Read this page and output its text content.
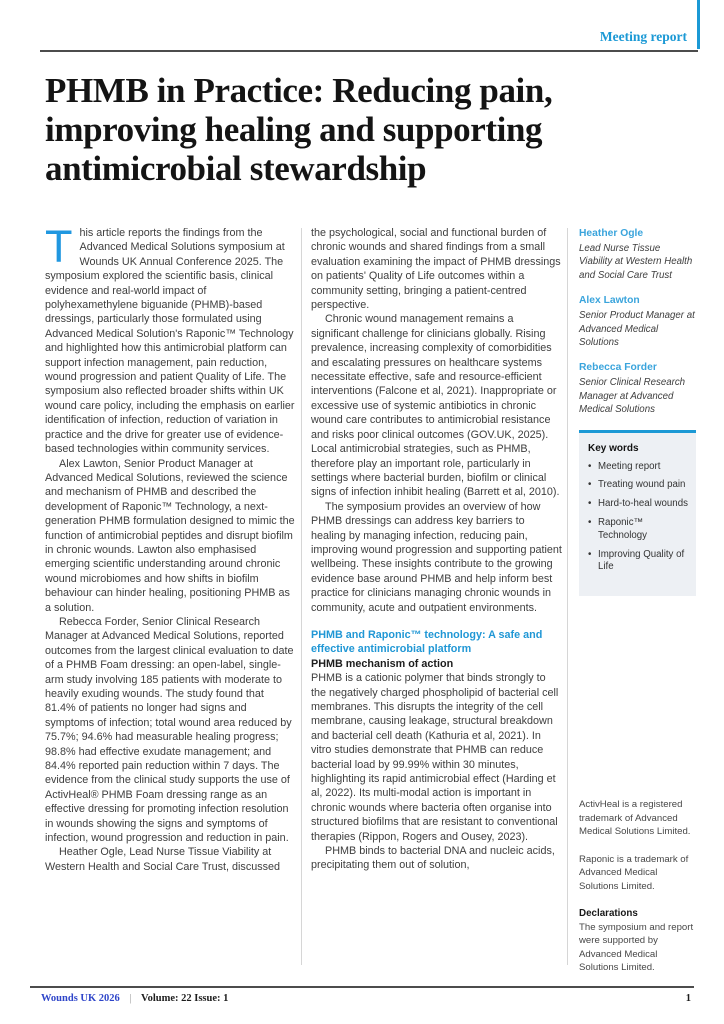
Meeting report
PHMB in Practice: Reducing pain,
improving healing and supporting
antimicrobial stewardship

T his article reports the findings from the Advanced Medical Solutions symposium at Wounds UK Annual Conference 2025. The symposium explored the scientific basis, clinical evidence and real-world impact of polyhexamethylene biguanide (PHMB)-based dressings, particularly those formulated using Advanced Medical Solution's Raponic™ Technology and highlighted how this antimicrobial platform can support infection management, pain reduction, wound progression and patient Quality of Life. The symposium also reflected broader shifts within UK wound care policy, including the emphasis on earlier identification of infection, reduction of variation in practice and the drive for greater use of evidence-based technologies within community services.

Alex Lawton, Senior Product Manager at Advanced Medical Solutions, reviewed the science and mechanism of PHMB and described the development of Raponic™ Technology, a next-generation PHMB formulation designed to mimic the function of antimicrobial peptides and disrupt biofilm in chronic wounds. Lawton also emphasised emerging scientific understanding around chronic wound microbiomes and how shifts in biofilm behaviour can hinder healing, positioning PHMB as a solution.

Rebecca Forder, Senior Clinical Research Manager at Advanced Medical Solutions, reported outcomes from the largest clinical evaluation to date of a PHMB Foam dressing: an open-label, single-arm study involving 185 patients with moderate to heavily exuding wounds. The study found that 81.4% of patients no longer had signs and symptoms of infection; total wound area reduced by 75.7%; 94.6% had measurable healing progress; 98.8% had effective exudate management; and 84.4% reported pain reduction within 7 days. The evidence from the clinical study supports the use of ActivHeal® PHMB Foam dressing range as an effective dressing for promoting infection resolution in wounds showing the signs and symptoms of infection, wound progression and reduction in pain.

Heather Ogle, Lead Nurse Tissue Viability at Western Health and Social Care Trust, discussed

the psychological, social and functional burden of chronic wounds and shared findings from a small evaluation examining the impact of PHMB dressings on patients' Quality of Life outcomes within a community setting, bringing a patient-centred perspective.

Chronic wound management remains a significant challenge for clinicians globally. Rising prevalence, increasing complexity of comorbidities and escalating pressures on healthcare systems necessitate effective, safe and resource-efficient interventions (Falcone et al, 2021). Inappropriate or excessive use of systemic antibiotics in chronic wound care contributes to antimicrobial resistance and risks poor clinical outcomes (GOV.UK, 2025). Local antimicrobial strategies, such as PHMB, therefore play an important role, particularly in settings where bacterial burden, biofilm or clinical signs of infection inhibit healing (Barrett et al, 2010).

The symposium provides an overview of how PHMB dressings can address key barriers to healing by managing infection, reducing pain, improving wound progression and supporting patient wellbeing. These insights contribute to the growing evidence base around PHMB and help inform best practice for clinicians managing chronic wounds in community, acute and outpatient environments.

PHMB and Raponic™ technology: A safe and effective antimicrobial platform
PHMB mechanism of action

PHMB is a cationic polymer that binds strongly to the negatively charged phospholipid of bacterial cell membranes. This disrupts the integrity of the cell membrane, causing leakage, structural breakdown and bacterial cell death (Kathuria et al, 2021). In vitro studies demonstrate that PHMB can reduce bacterial load by 99.99% within 30 minutes, highlighting its rapid antimicrobial effect (Harding et al, 2022). Its multi-modal action is important in chronic wounds where bacteria often organise into structured biofilms that are resistant to conventional therapies (Rippon, Rogers and Ousey, 2023).

PHMB binds to bacterial DNA and nucleic acids, precipitating them out of solution,

Heather Ogle
Lead Nurse Tissue Viability at Western Health and Social Care Trust
Alex Lawton
Senior Product Manager at Advanced Medical Solutions
Rebecca Forder
Senior Clinical Research Manager at Advanced Medical Solutions
Key words
• Meeting report
• Treating wound pain
• Hard-to-heal wounds
• Raponic™ Technology
• Improving Quality of Life

ActivHeal is a registered trademark of Advanced Medical Solutions Limited.

Raponic is a trademark of Advanced Medical Solutions Limited.

Declarations

The symposium and report were supported by Advanced Medical Solutions Limited.

Wounds UK 2026 | Volume: 22 Issue: 1	1
